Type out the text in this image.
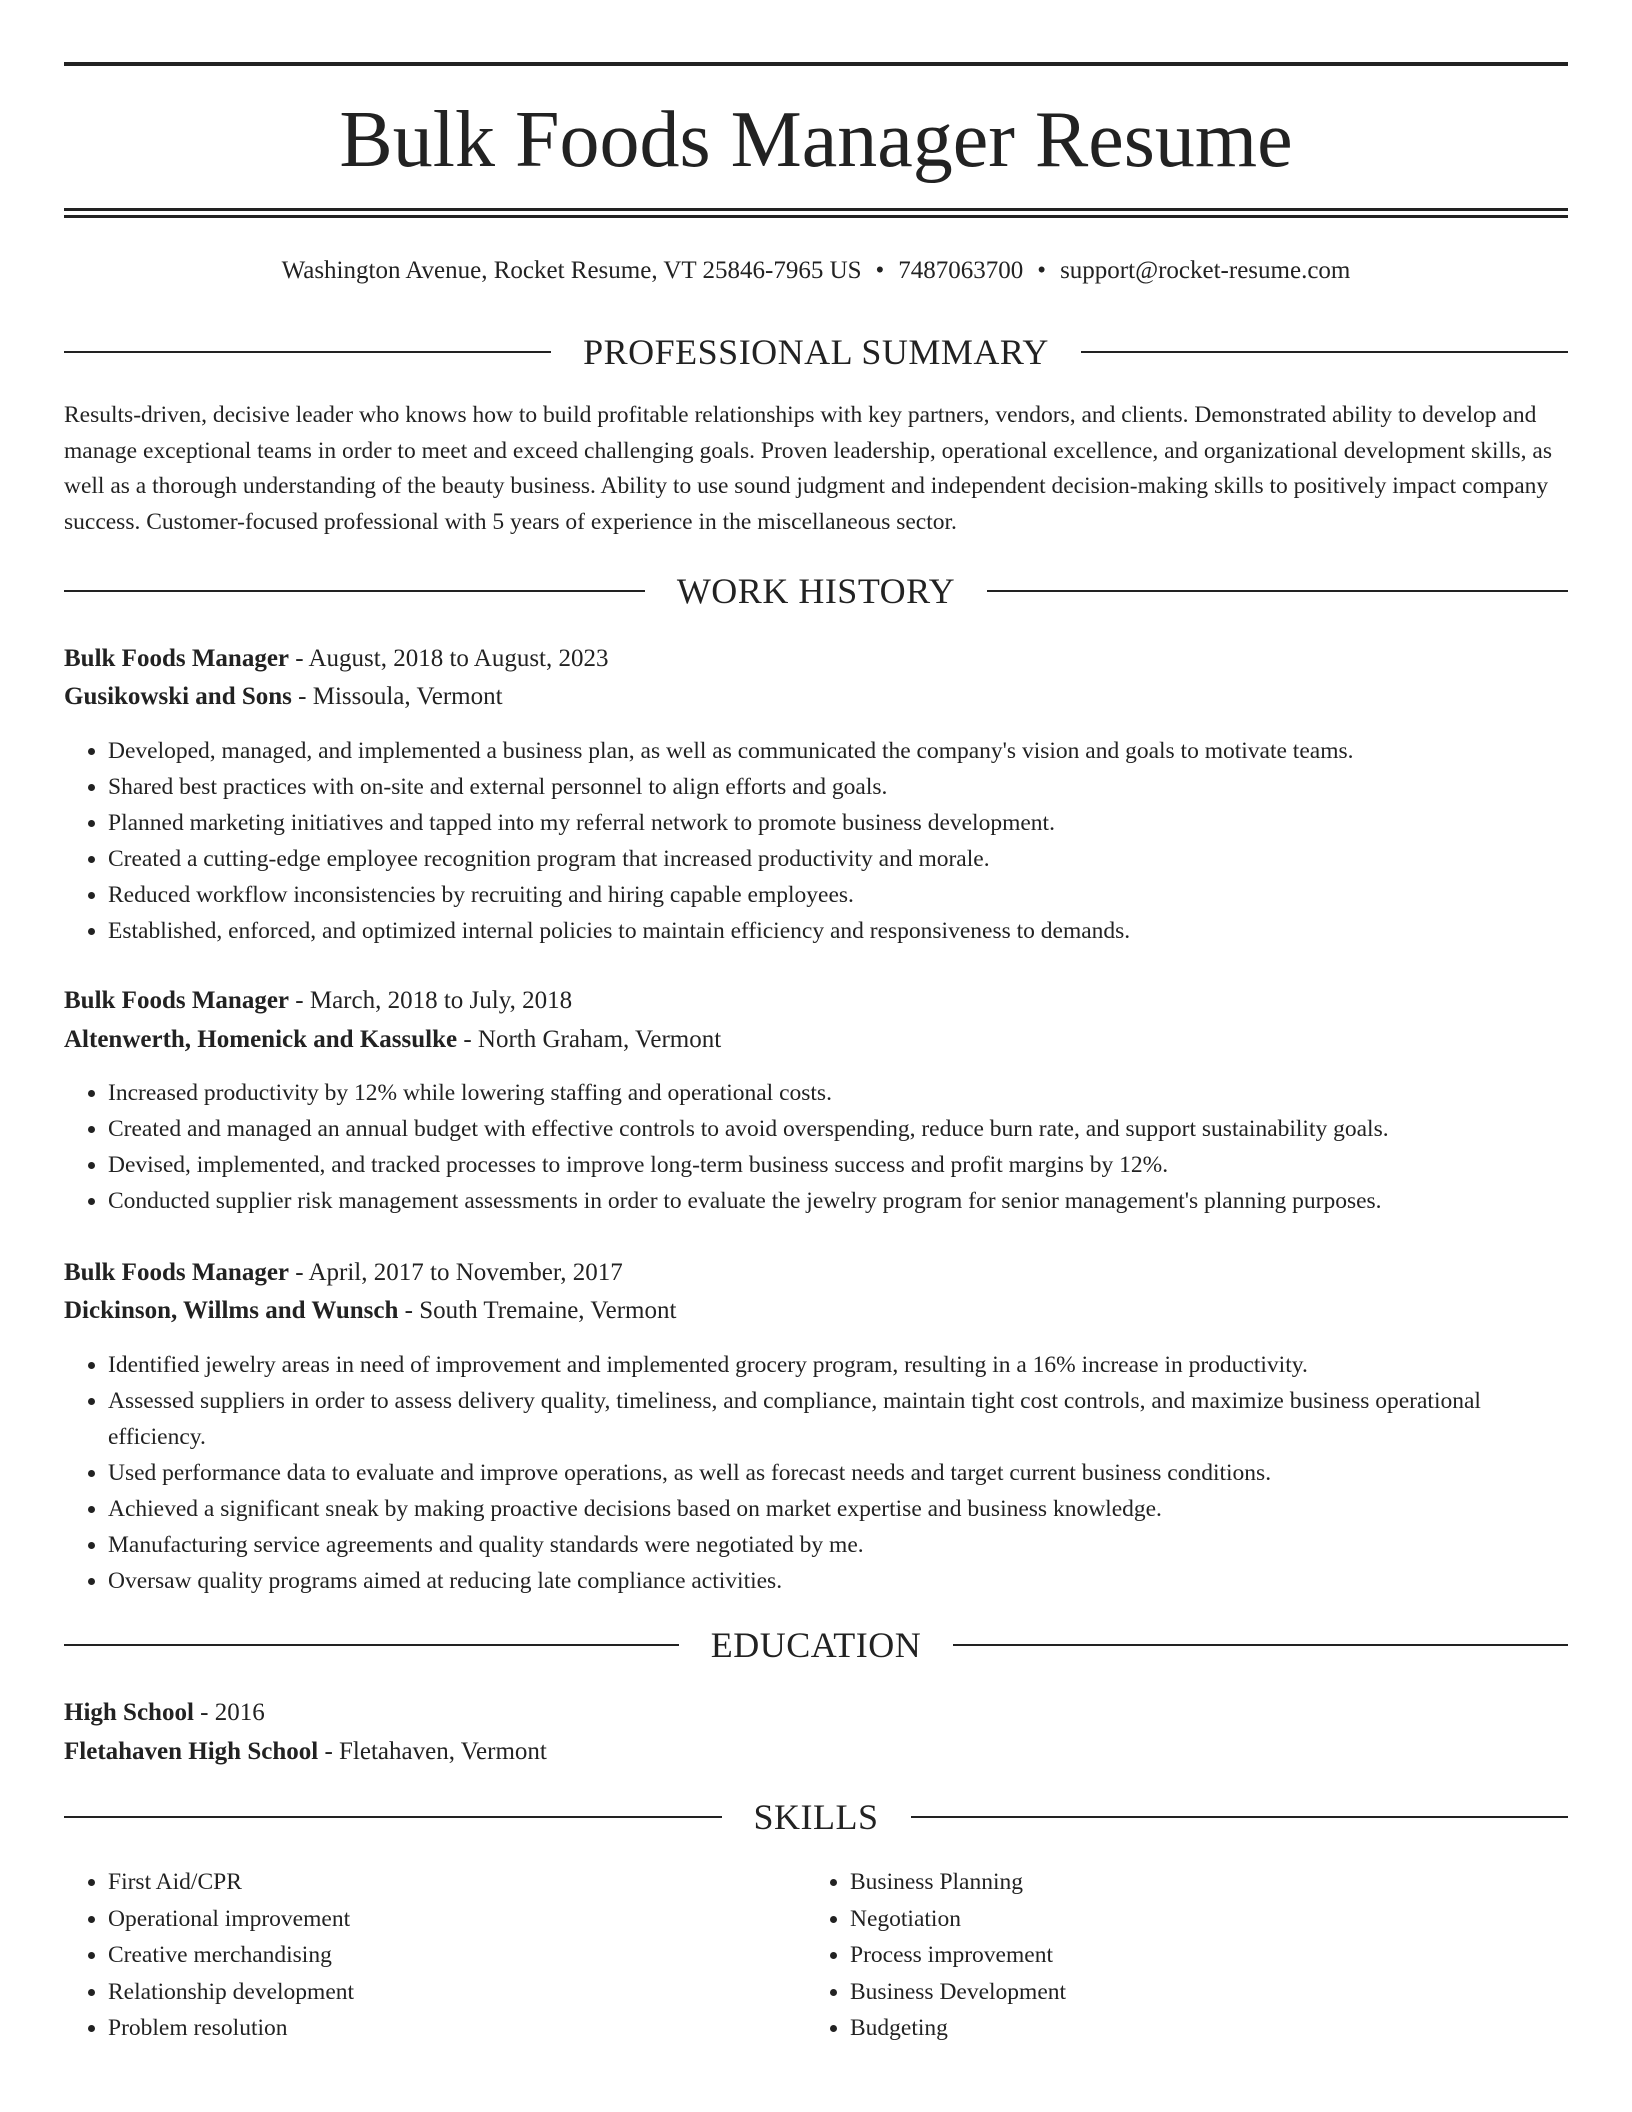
Bulk Foods Manager Resume
Washington Avenue, Rocket Resume, VT 25846-7965 US • 7487063700 • support@rocket-resume.com
PROFESSIONAL SUMMARY

Results-driven, decisive leader who knows how to build profitable relationships with key partners, vendors, and clients. Demonstrated ability to develop and manage exceptional teams in order to meet and exceed challenging goals. Proven leadership, operational excellence, and organizational development skills, as well as a thorough understanding of the beauty business. Ability to use sound judgment and independent decision-making skills to positively impact company success. Customer-focused professional with 5 years of experience in the miscellaneous sector.

WORK HISTORY
Bulk Foods Manager - August, 2018 to August, 2023
Gusikowski and Sons - Missoula, Vermont
• Developed, managed, and implemented a business plan, as well as communicated the company's vision and goals to motivate teams.
• Shared best practices with on-site and external personnel to align efforts and goals.
• Planned marketing initiatives and tapped into my referral network to promote business development.
• Created a cutting-edge employee recognition program that increased productivity and morale.
• Reduced workflow inconsistencies by recruiting and hiring capable employees.
• Established, enforced, and optimized internal policies to maintain efficiency and responsiveness to demands.
Bulk Foods Manager - March, 2018 to July, 2018
Altenwerth, Homenick and Kassulke - North Graham, Vermont
• Increased productivity by 12% while lowering staffing and operational costs.
• Created and managed an annual budget with effective controls to avoid overspending, reduce burn rate, and support sustainability goals.
• Devised, implemented, and tracked processes to improve long-term business success and profit margins by 12%.
• Conducted supplier risk management assessments in order to evaluate the jewelry program for senior management's planning purposes.
Bulk Foods Manager - April, 2017 to November, 2017
Dickinson, Willms and Wunsch - South Tremaine, Vermont
• Identified jewelry areas in need of improvement and implemented grocery program, resulting in a 16% increase in productivity.
• Assessed suppliers in order to assess delivery quality, timeliness, and compliance, maintain tight cost controls, and maximize business operational efficiency.
• Used performance data to evaluate and improve operations, as well as forecast needs and target current business conditions.
• Achieved a significant sneak by making proactive decisions based on market expertise and business knowledge.
• Manufacturing service agreements and quality standards were negotiated by me.
• Oversaw quality programs aimed at reducing late compliance activities.
EDUCATION
High School - 2016
Fletahaven High School - Fletahaven, Vermont
SKILLS
• First Aid/CPR
• Operational improvement
• Creative merchandising
• Relationship development
• Problem resolution
• Business Planning
• Negotiation
• Process improvement
• Business Development
• Budgeting
